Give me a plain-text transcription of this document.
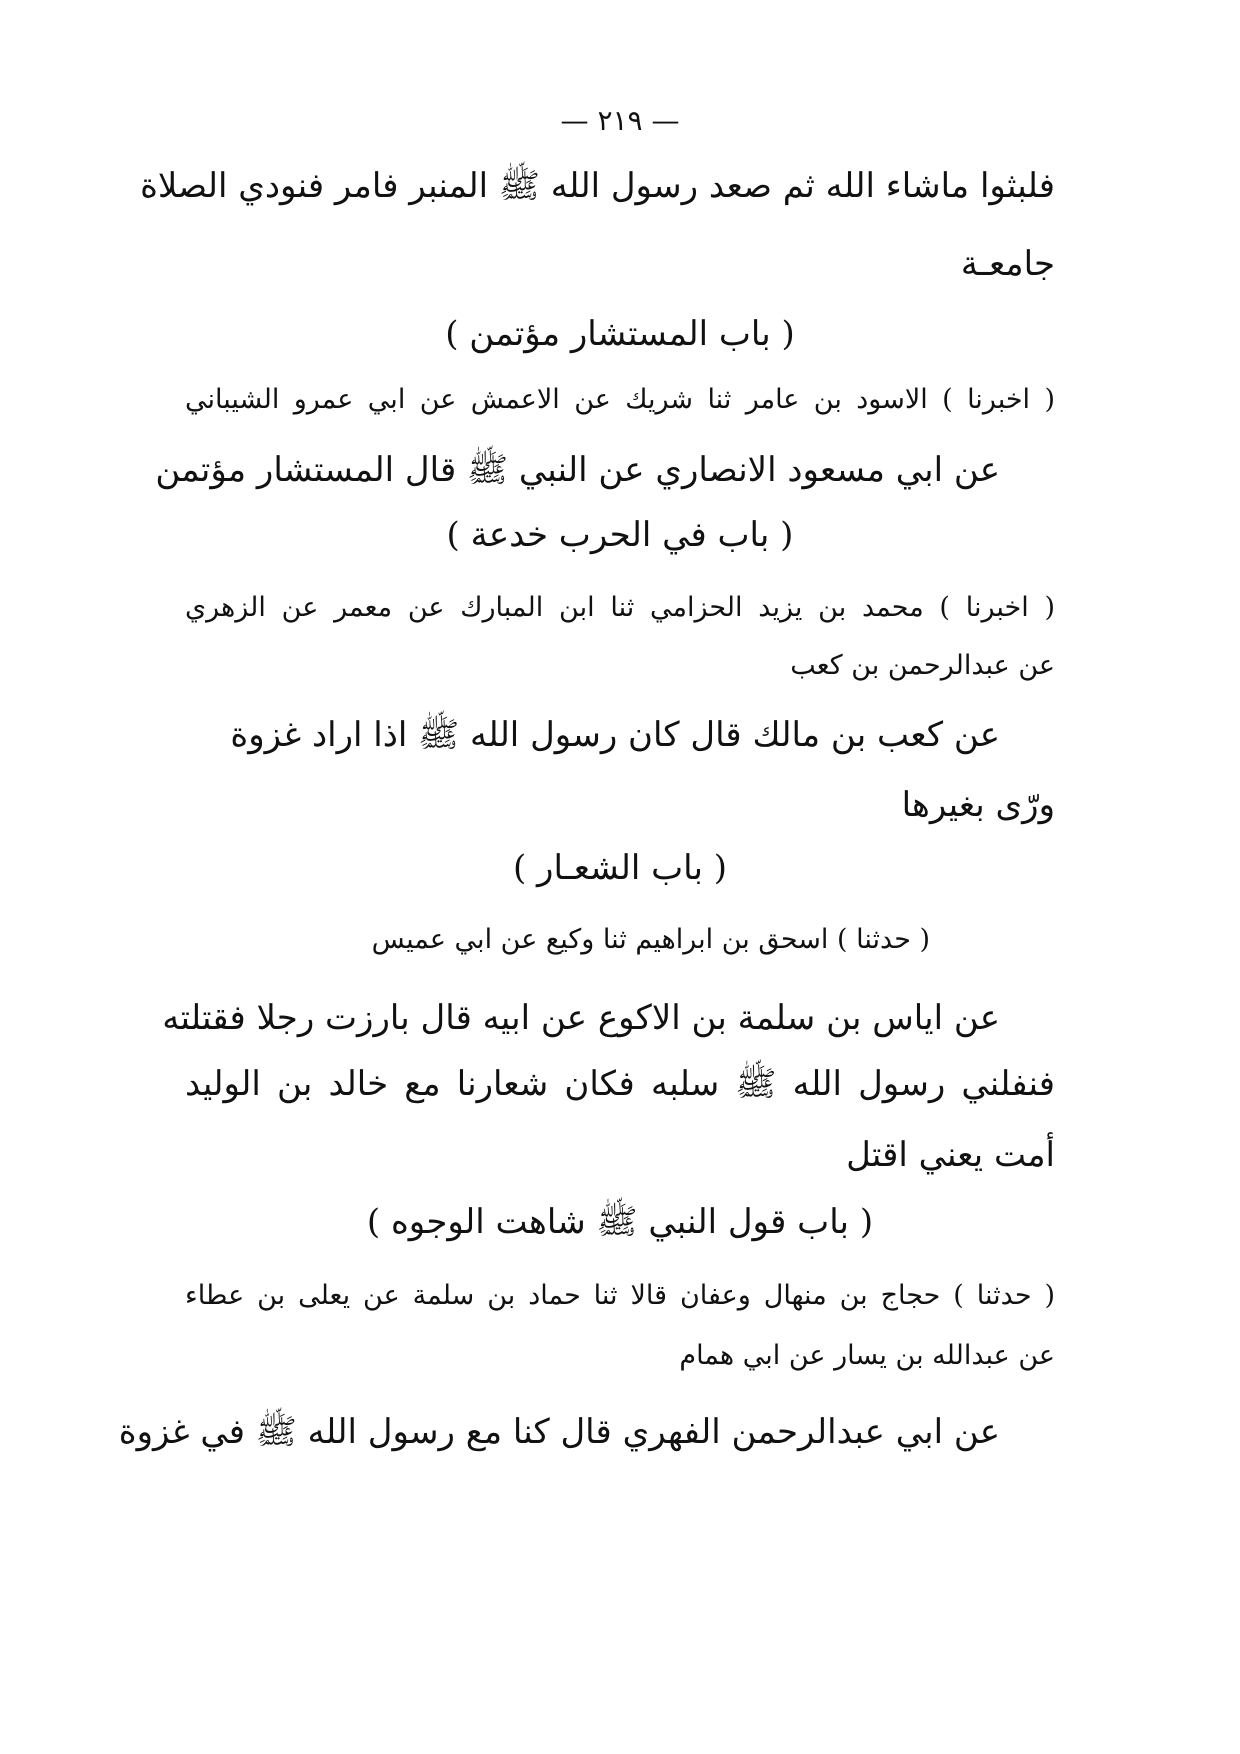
— ٢١٩ —

فلبثوا ماشاء الله ثم صعد رسول الله ﷺ المنبر فامر فنودي الصلاة

جامعـة

( باب المستشار مؤتمن )

( اخبرنا ) الاسود بن عامر ثنا شريك عن الاعمش عن ابي عمرو الشيباني

عن ابي مسعود الانصاري عن النبي ﷺ قال المستشار مؤتمن

( باب في الحرب خدعة )

( اخبرنا ) محمد بن يزيد الحزامي ثنا ابن المبارك عن معمر عن الزهري

عن عبدالرحمن بن كعب

عن كعب بن مالك قال كان رسول الله ﷺ اذا اراد غزوة

ورّى بغيرها

( باب الشعـار )

( حدثنا ) اسحق بن ابراهيم ثنا وكيع عن ابي عميس

عن اياس بن سلمة بن الاكوع عن ابيه قال بارزت رجلا فقتلته

فنفلني رسول الله ﷺ سلبه فكان شعارنا مع خالد بن الوليد

أمت يعني اقتل

( باب قول النبي ﷺ شاهت الوجوه )

( حدثنا ) حجاج بن منهال وعفان قالا ثنا حماد بن سلمة عن يعلى بن عطاء

عن عبدالله بن يسار عن ابي همام

عن ابي عبدالرحمن الفهري قال كنا مع رسول الله ﷺ في غزوة
